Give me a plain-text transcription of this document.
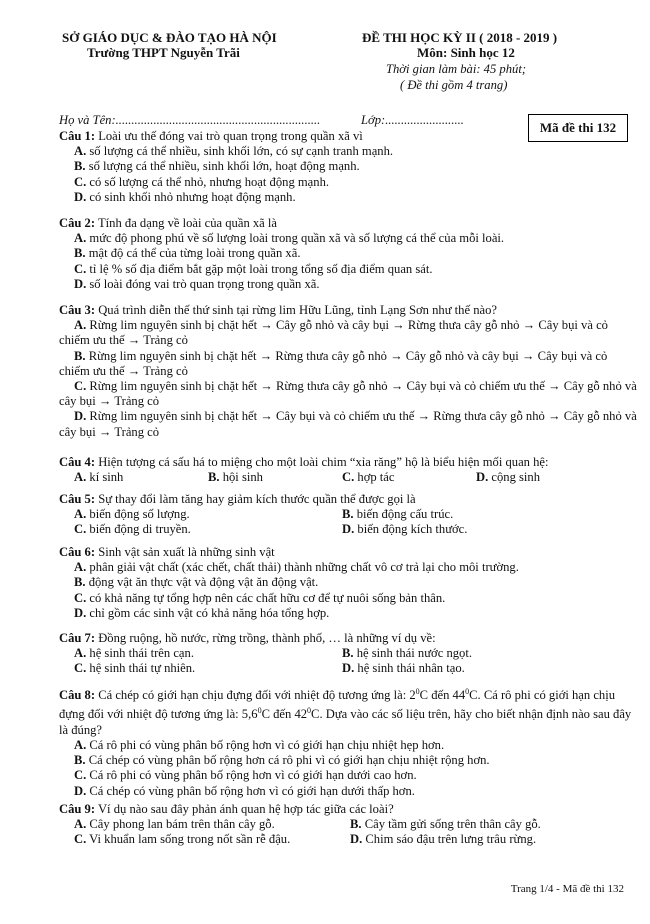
SỞ GIÁO DỤC & ĐÀO TẠO HÀ NỘI
Trường THPT Nguyễn Trãi
ĐỀ THI HỌC KỲ II ( 2018 - 2019 )
Môn: Sinh học 12
Thời gian làm bài: 45 phút;
( Đề thi gồm 4 trang)
Họ và Tên:.................................................................	Lớp:.........................
Mã đề thi 132
Câu 1: Loài ưu thế đóng vai trò quan trọng trong quần xã vì
A. số lượng cá thể nhiều, sinh khối lớn, có sự cạnh tranh mạnh.
B. số lượng cá thể nhiều, sinh khối lớn, hoạt động mạnh.
C. có số lượng cá thể nhỏ, nhưng hoạt động mạnh.
D. có sinh khối nhỏ nhưng hoạt động mạnh.
Câu 2: Tính đa dạng về loài của quần xã là
A. mức độ phong phú về số lượng loài trong quần xã và số lượng cá thể của mỗi loài.
B. mật độ cá thể của từng loài trong quần xã.
C. tỉ lệ % số địa điểm bắt gặp một loài trong tổng số địa điểm quan sát.
D. số loài đóng vai trò quan trọng trong quần xã.
Câu 3: Quá trình diễn thế thứ sinh tại rừng lim Hữu Lũng, tỉnh Lạng Sơn như thế nào?
A. Rừng lim nguyên sinh bị chặt hết → Cây gỗ nhỏ và cây bụi → Rừng thưa cây gỗ nhỏ → Cây bụi và cỏ chiếm ưu thế → Trảng cỏ
B. Rừng lim nguyên sinh bị chặt hết → Rừng thưa cây gỗ nhỏ → Cây gỗ nhỏ và cây bụi → Cây bụi và cỏ chiếm ưu thế → Trảng cỏ
C. Rừng lim nguyên sinh bị chặt hết → Rừng thưa cây gỗ nhỏ → Cây bụi và cỏ chiếm ưu thế → Cây gỗ nhỏ và cây bụi → Trảng cỏ
D. Rừng lim nguyên sinh bị chặt hết → Cây bụi và cỏ chiếm ưu thế → Rừng thưa cây gỗ nhỏ → Cây gỗ nhỏ và cây bụi → Trảng cỏ
Câu 4: Hiện tượng cá sấu há to miệng cho một loài chim “xỉa răng” hộ là biểu hiện mối quan hệ:
A. kí sinh	B. hội sinh	C. hợp tác	D. cộng sinh
Câu 5: Sự thay đổi làm tăng hay giảm kích thước quần thể được gọi là
A. biến động số lượng.	B. biến động cấu trúc.
C. biến động di truyền.	D. biến động kích thước.
Câu 6: Sinh vật sản xuất là những sinh vật
A. phân giải vật chất (xác chết, chất thải) thành những chất vô cơ trả lại cho môi trường.
B. động vật ăn thực vật và động vật ăn động vật.
C. có khả năng tự tổng hợp nên các chất hữu cơ để tự nuôi sống bản thân.
D. chỉ gồm các sinh vật có khả năng hóa tổng hợp.
Câu 7: Đồng ruộng, hồ nước, rừng trồng, thành phố, … là những ví dụ về:
A. hệ sinh thái trên cạn.	B. hệ sinh thái nước ngọt.
C. hệ sinh thái tự nhiên.	D. hệ sinh thái nhân tạo.
Câu 8: Cá chép có giới hạn chịu đựng đối với nhiệt độ tương ứng là: $2^0C$ đến $44^0C$. Cá rô phi có giới hạn chịu đựng đối với nhiệt độ tương ứng là: $5,6^0C$ đến $42^0C$. Dựa vào các số liệu trên, hãy cho biết nhận định nào sau đây là đúng?
A. Cá rô phi có vùng phân bố rộng hơn vì có giới hạn chịu nhiệt hẹp hơn.
B. Cá chép có vùng phân bố rộng hơn cá rô phi vì có giới hạn chịu nhiệt rộng hơn.
C. Cá rô phi có vùng phân bố rộng hơn vì có giới hạn dưới cao hơn.
D. Cá chép có vùng phân bố rộng hơn vì có giới hạn dưới thấp hơn.
Câu 9: Ví dụ nào sau đây phản ánh quan hệ hợp tác giữa các loài?
A. Cây phong lan bám trên thân cây gỗ.	B. Cây tầm gửi sống trên thân cây gỗ.
C. Vi khuẩn lam sống trong nốt sần rễ đậu.	D. Chim sáo đậu trên lưng trâu rừng.
Trang 1/4 - Mã đề thi 132
